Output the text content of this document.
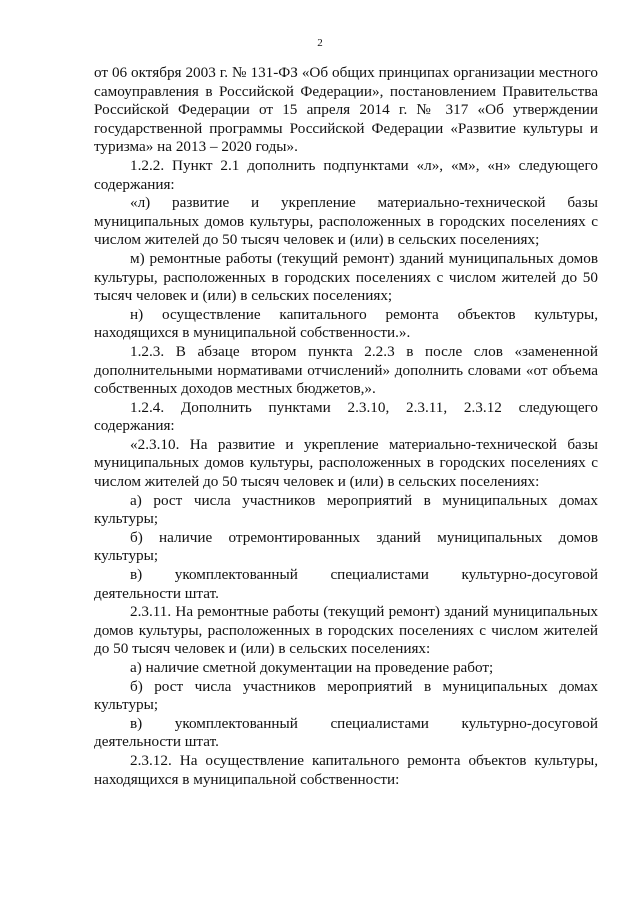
2

от 06 октября 2003 г. № 131-ФЗ «Об общих принципах организации местного самоуправления в Российской Федерации», постановлением Правительства Российской Федерации от 15 апреля 2014 г. № 317 «Об утверждении государственной программы Российской Федерации «Развитие культуры и туризма» на 2013 – 2020 годы».

1.2.2. Пункт 2.1 дополнить подпунктами «л», «м», «н» следующего содержания:

«л) развитие и укрепление материально-технической базы муниципальных домов культуры, расположенных в городских поселениях с числом жителей до 50 тысяч человек и (или) в сельских поселениях;

м) ремонтные работы (текущий ремонт) зданий муниципальных домов культуры, расположенных в городских поселениях с числом жителей до 50 тысяч человек и (или) в сельских поселениях;

н) осуществление капитального ремонта объектов культуры, находящихся в муниципальной собственности.».

1.2.3. В абзаце втором пункта 2.2.3 в после слов «замененной дополнительными нормативами отчислений» дополнить словами «от объема собственных доходов местных бюджетов,».

1.2.4. Дополнить пунктами 2.3.10, 2.3.11, 2.3.12 следующего содержания:

«2.3.10. На развитие и укрепление материально-технической базы муниципальных домов культуры, расположенных в городских поселениях с числом жителей до 50 тысяч человек и (или) в сельских поселениях:

а) рост числа участников мероприятий в муниципальных домах культуры;

б) наличие отремонтированных зданий муниципальных домов культуры;

в) укомплектованный специалистами культурно-досуговой деятельности штат.

2.3.11. На ремонтные работы (текущий ремонт) зданий муниципальных домов культуры, расположенных в городских поселениях с числом жителей до 50 тысяч человек и (или) в сельских поселениях:

а) наличие сметной документации на проведение работ;

б) рост числа участников мероприятий в муниципальных домах культуры;

в) укомплектованный специалистами культурно-досуговой деятельности штат.

2.3.12. На осуществление капитального ремонта объектов культуры, находящихся в муниципальной собственности:
